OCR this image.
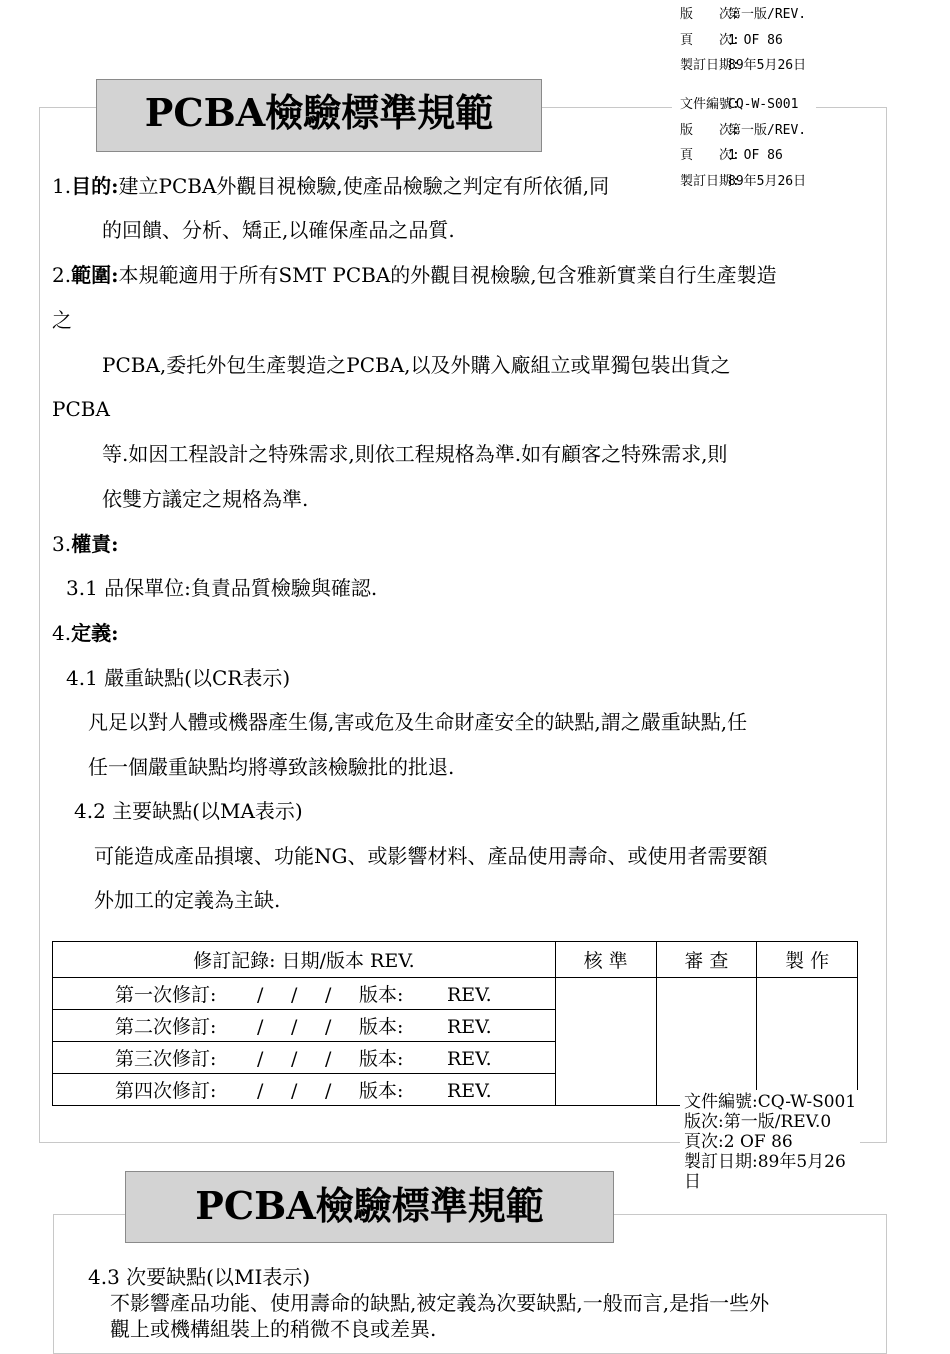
版　　次:第一版/REV.
頁　　次:1 OF 86
製訂日期:89年5月26日
文件編號:CQ-W-S001
版　　次:第一版/REV.
頁　　次:1 OF 86
製訂日期:89年5月26日
PCBA檢驗標準規範
1.目的:建立PCBA外觀目視檢驗,使產品檢驗之判定有所依循,同
的回饋、分析、矯正,以確保產品之品質.
2.範圍:本規範適用于所有SMT PCBA的外觀目視檢驗,包含雅新實業自行生產製造
之
PCBA,委托外包生產製造之PCBA,以及外購入廠組立或單獨包裝出貨之
PCBA
等.如因工程設計之特殊需求,則依工程規格為準.如有顧客之特殊需求,則
依雙方議定之規格為準.
3.權責:
3.1 品保單位:負責品質檢驗與確認.
4.定義:
4.1 嚴重缺點(以CR表示)
凡足以對人體或機器產生傷,害或危及生命財產安全的缺點,謂之嚴重缺點,任
任一個嚴重缺點均將導致該檢驗批的批退.
4.2 主要缺點(以MA表示)
可能造成產品損壞、功能NG、或影響材料、產品使用壽命、或使用者需要額
外加工的定義為主缺.
修訂記錄: 日期/版本 REV.	核 準	審 查	製 作
第一次修訂: / / / 版本: REV.			
第二次修訂: / / / 版本: REV.			
第三次修訂: / / / 版本: REV.			
第四次修訂: / / / 版本: REV.				文件編號:CQ-W-S001
版次:第一版/REV.0
頁次:2 OF 86
製訂日期:89年5月26
日
PCBA檢驗標準規範
4.3 次要缺點(以MI表示)
不影響產品功能、使用壽命的缺點,被定義為次要缺點,一般而言,是指一些外
觀上或機構組裝上的稍微不良或差異.
